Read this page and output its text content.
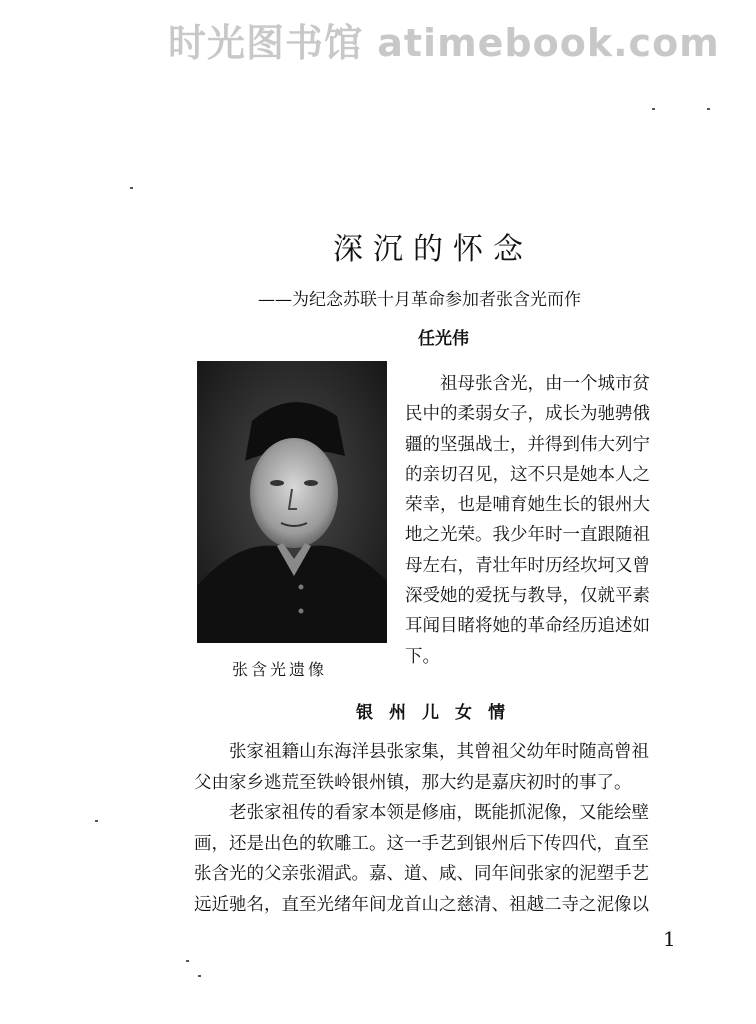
时光图书馆 atimebook.com
深沉的怀念
——为纪念苏联十月革命参加者张含光而作
任光伟
张含光遗像
祖母张含光，由一个城市贫
民中的柔弱女子，成长为驰骋俄
疆的坚强战士，并得到伟大列宁
的亲切召见，这不只是她本人之
荣幸，也是哺育她生长的银州大
地之光荣。我少年时一直跟随祖
母左右，青壮年时历经坎坷又曾
深受她的爱抚与教导，仅就平素
耳闻目睹将她的革命经历追述如
下。
银州儿女情
张家祖籍山东海洋县张家集，其曾祖父幼年时随高曾祖
父由家乡逃荒至铁岭银州镇，那大约是嘉庆初时的事了。
老张家祖传的看家本领是修庙，既能抓泥像，又能绘壁
画，还是出色的软雕工。这一手艺到银州后下传四代，直至
张含光的父亲张湄武。嘉、道、咸、同年间张家的泥塑手艺
远近驰名，直至光绪年间龙首山之慈清、祖越二寺之泥像以
1
